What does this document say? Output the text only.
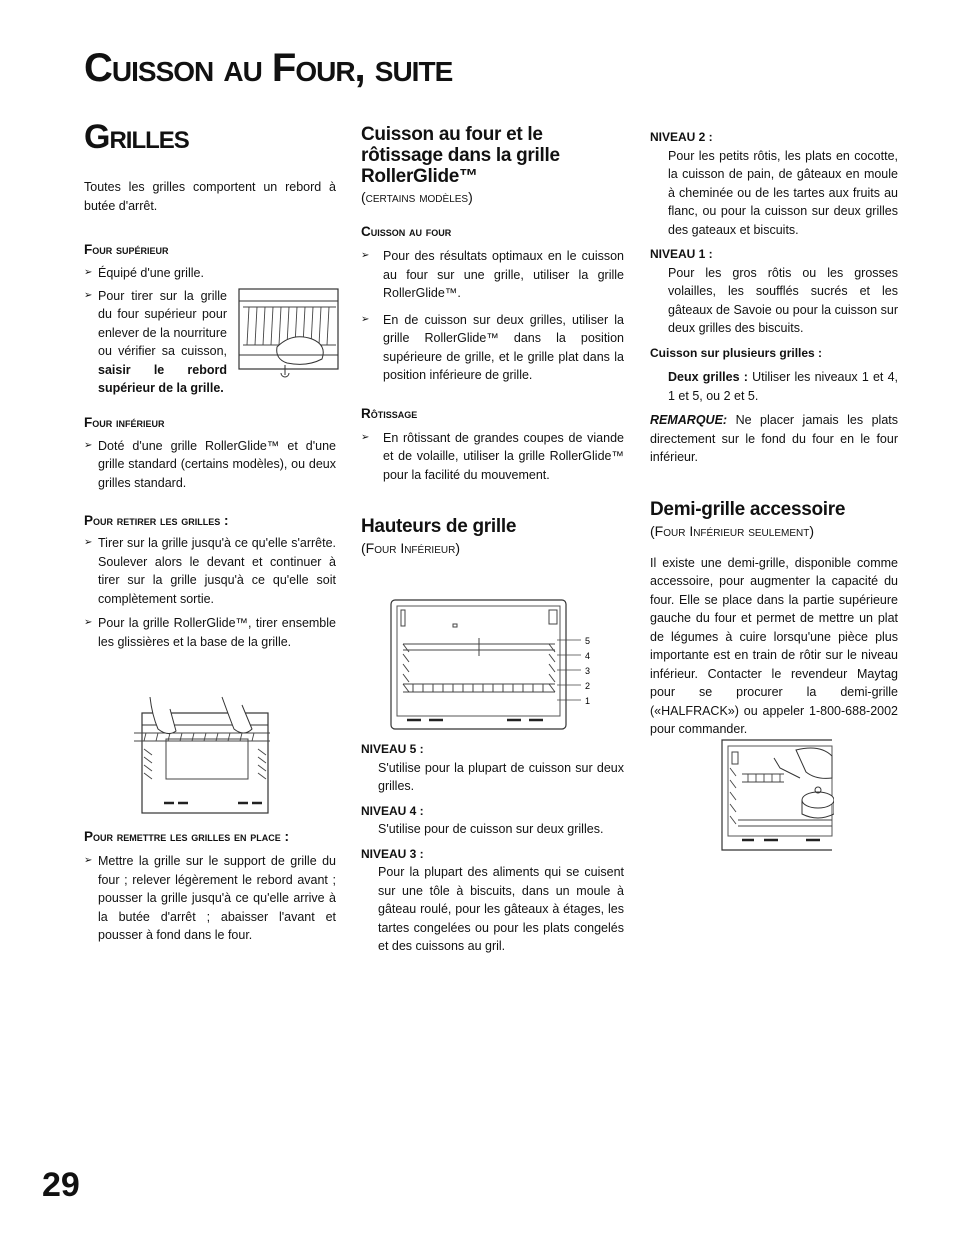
Cuisson au Four, suite
Grilles

Toutes les grilles comportent un rebord à butée d'arrêt.

Four supérieur
➢ Équipé d'une grille.
➢ Pour tirer sur la grille du four supérieur pour enlever de la nourriture ou vérifier sa cuisson, saisir le rebord supérieur de la grille.
Four inférieur
➢ Doté d'une grille RollerGlide™ et d'une grille standard (certains modèles), ou deux grilles standard.
Pour retirer les grilles :
➢ Tirer sur la grille jusqu'à ce qu'elle s'arrête. Soulever alors le devant et continuer à tirer sur la grille jusqu'à ce qu'elle soit complètement sortie.
➢ Pour la grille RollerGlide™, tirer ensemble les glissières et la base de la grille.
Pour remettre les grilles en place :
➢ Mettre la grille sur le support de grille du four ; relever légèrement le rebord avant ; pousser la grille jusqu'à ce qu'elle arrive à la butée d'arrêt ; abaisser l'avant et pousser à fond dans le four.
Cuisson au four et le rôtissage dans la grille RollerGlide™
(certains modèles)
Cuisson au four
➢ Pour des résultats optimaux en le cuisson au four sur une grille, utiliser la grille RollerGlide™.
➢ En de cuisson sur deux grilles, utiliser la grille RollerGlide™ dans la position supérieure de grille, et le grille plat dans la position inférieure de grille.
Rôtissage
➢ En rôtissant de grandes coupes de viande et de volaille, utiliser la grille RollerGlide™ pour la facilité du mouvement.
Hauteurs de grille
(Four Inférieur)
5
4
3
2
1
NIVEAU 5 :

S'utilise pour la plupart de cuisson sur deux grilles.

NIVEAU 4 :

S'utilise pour de cuisson sur deux grilles.

NIVEAU 3 :

Pour la plupart des aliments qui se cuisent sur une tôle à biscuits, dans un moule à gâteau roulé, pour les gâteaux à étages, les tartes congelées ou pour les plats congelés et des cuissons au gril.

NIVEAU 2 :

Pour les petits rôtis, les plats en cocotte, la cuisson de pain, de gâteaux en moule à cheminée ou de les tartes aux fruits au flanc, ou pour la cuisson sur deux grilles des gateaux et biscuits.

NIVEAU 1 :

Pour les gros rôtis ou les grosses volailles, les soufflés sucrés et les gâteaux de Savoie ou pour la cuisson sur deux grilles des biscuits.

Cuisson sur plusieurs grilles :

Deux grilles : Utiliser les niveaux 1 et 4, 1 et 5, ou 2 et 5.

REMARQUE: Ne placer jamais les plats directement sur le fond du four en le four inférieur.

Demi-grille accessoire
(Four Inférieur seulement)

Il existe une demi-grille, disponible comme accessoire, pour augmenter la capacité du four. Elle se place dans la partie supérieure gauche du four et permet de mettre un plat de légumes à cuire lorsqu'une pièce plus importante est en train de rôtir sur le niveau inférieur. Contacter le revendeur Maytag pour se procurer la demi-grille («HALFRACK») ou appeler 1-800-688-2002 pour commander.

29
